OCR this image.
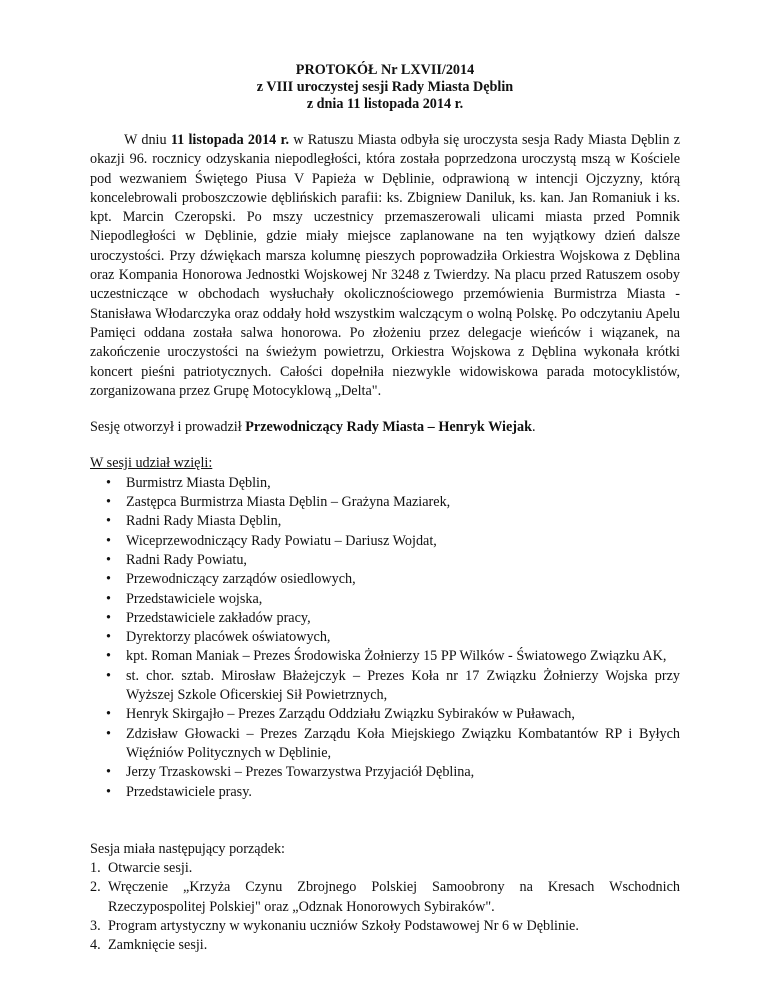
PROTOKÓŁ Nr LXVII/2014
z VIII uroczystej sesji Rady Miasta Dęblin
z dnia 11 listopada 2014 r.

W dniu 11 listopada 2014 r. w Ratuszu Miasta odbyła się uroczysta sesja Rady Miasta Dęblin z okazji 96. rocznicy odzyskania niepodległości, która została poprzedzona uroczystą mszą w Kościele pod wezwaniem Świętego Piusa V Papieża w Dęblinie, odprawioną w intencji Ojczyzny, którą koncelebrowali proboszczowie dęblińskich parafii: ks. Zbigniew Daniluk, ks. kan. Jan Romaniuk i ks. kpt. Marcin Czeropski. Po mszy uczestnicy przemaszerowali ulicami miasta przed Pomnik Niepodległości w Dęblinie, gdzie miały miejsce zaplanowane na ten wyjątkowy dzień dalsze uroczystości. Przy dźwiękach marsza kolumnę pieszych poprowadziła Orkiestra Wojskowa z Dęblina oraz Kompania Honorowa Jednostki Wojskowej Nr 3248 z Twierdzy. Na placu przed Ratuszem osoby uczestniczące w obchodach wysłuchały okolicznościowego przemówienia Burmistrza Miasta - Stanisława Włodarczyka oraz oddały hołd wszystkim walczącym o wolną Polskę. Po odczytaniu Apelu Pamięci oddana została salwa honorowa. Po złożeniu przez delegacje wieńców i wiązanek, na zakończenie uroczystości na świeżym powietrzu, Orkiestra Wojskowa z Dęblina wykonała krótki koncert pieśni patriotycznych. Całości dopełniła niezwykle widowiskowa parada motocyklistów, zorganizowana przez Grupę Motocyklową „Delta".

Sesję otworzył i prowadził Przewodniczący Rady Miasta – Henryk Wiejak.

W sesji udział wzięli:
• Burmistrz Miasta Dęblin,
• Zastępca Burmistrza Miasta Dęblin – Grażyna Maziarek,
• Radni Rady Miasta Dęblin,
• Wiceprzewodniczący Rady Powiatu – Dariusz Wojdat,
• Radni Rady Powiatu,
• Przewodniczący zarządów osiedlowych,
• Przedstawiciele wojska,
• Przedstawiciele zakładów pracy,
• Dyrektorzy placówek oświatowych,
• kpt. Roman Maniak – Prezes Środowiska Żołnierzy 15 PP Wilków - Światowego Związku AK,
• st. chor. sztab. Mirosław Błażejczyk – Prezes Koła nr 17 Związku Żołnierzy Wojska przy Wyższej Szkole Oficerskiej Sił Powietrznych,
• Henryk Skirgajło – Prezes Zarządu Oddziału Związku Sybiraków w Puławach,
• Zdzisław Głowacki – Prezes Zarządu Koła Miejskiego Związku Kombatantów RP i Byłych Więźniów Politycznych w Dęblinie,
• Jerzy Trzaskowski – Prezes Towarzystwa Przyjaciół Dęblina,
• Przedstawiciele prasy.
Sesja miała następujący porządek:
1. Otwarcie sesji.
2. Wręczenie „Krzyża Czynu Zbrojnego Polskiej Samoobrony na Kresach Wschodnich Rzeczypospolitej Polskiej" oraz „Odznak Honorowych Sybiraków".
3. Program artystyczny w wykonaniu uczniów Szkoły Podstawowej Nr 6 w Dęblinie.
4. Zamknięcie sesji.
